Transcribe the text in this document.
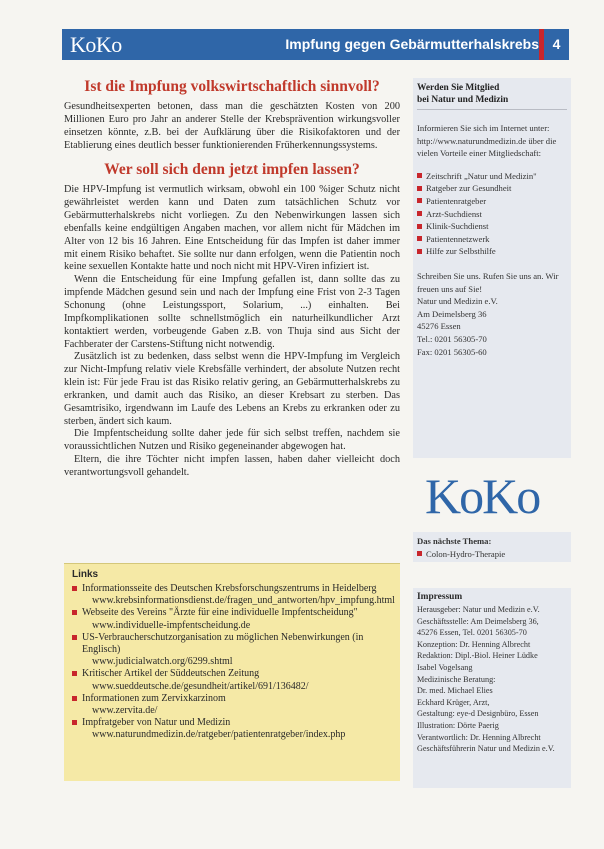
KoKo	Impfung gegen Gebärmutterhalskrebs 4
Ist die Impfung volkswirtschaftlich sinnvoll?

Gesundheitsexperten betonen, dass man die geschätzten Kosten von 200 Millionen Euro pro Jahr an anderer Stelle der Krebsprävention wirkungsvoller einsetzen könnte, z.B. bei der Aufklärung über die Risikofaktoren und der Etablierung eines deutlich besser funktionierenden Früherkennungssystems.

Wer soll sich denn jetzt impfen lassen?

Die HPV-Impfung ist vermutlich wirksam, obwohl ein 100 %iger Schutz nicht gewährleistet werden kann und Daten zum tatsächlichen Schutz vor Gebärmutterhalskrebs nicht vorliegen. Zu den Nebenwirkungen lassen sich ebenfalls keine endgültigen Angaben machen, vor allem nicht für Mädchen im Alter von 12 bis 16 Jahren. Eine Entscheidung für das Impfen ist daher immer mit einem Risiko behaftet. Sie sollte nur dann erfolgen, wenn die Patientin noch keine sexuellen Kontakte hatte und noch nicht mit HPV-Viren infiziert ist.

Wenn die Entscheidung für eine Impfung gefallen ist, dann sollte das zu impfende Mädchen gesund sein und nach der Impfung eine Frist von 2-3 Tagen Schonung (ohne Leistungssport, Solarium, ...) einhalten. Bei Impfkomplikationen sollte schnellstmöglich ein naturheilkundlicher Arzt kontaktiert werden, vorbeugende Gaben z.B. von Thuja sind aus Sicht der Fachberater der Carstens-Stiftung nicht notwendig.

Zusätzlich ist zu bedenken, dass selbst wenn die HPV-Impfung im Vergleich zur Nicht-Impfung relativ viele Krebsfälle verhindert, der absolute Nutzen recht klein ist: Für jede Frau ist das Risiko relativ gering, an Gebärmutterhalskrebs zu erkranken, und damit auch das Risiko, an dieser Krebsart zu sterben. Das Gesamtrisiko, irgendwann im Laufe des Lebens an Krebs zu erkranken oder zu sterben, ändert sich kaum.

Die Impfentscheidung sollte daher jede für sich selbst treffen, nachdem sie voraussichtlichen Nutzen und Risiko gegeneinander abgewogen hat.

Eltern, die ihre Töchter nicht impfen lassen, haben daher vielleicht doch verantwortungsvoll gehandelt.

Links
Informationsseite des Deutschen Krebsforschungszentrums in Heidelberg
www.krebsinformationsdienst.de/fragen_und_antworten/hpv_impfung.html
Webseite des Vereins "Ärzte für eine individuelle Impfentscheidung"
www.individuelle-impfentscheidung.de
US-Verbraucherschutzorganisation zu möglichen Nebenwirkungen (in Englisch)
www.judicialwatch.org/6299.shtml
Kritischer Artikel der Süddeutschen Zeitung
www.sueddeutsche.de/gesundheit/artikel/691/136482/
Informationen zum Zervixkarzinom
www.zervita.de/
Impfratgeber von Natur und Medizin
www.naturundmedizin.de/ratgeber/patientenratgeber/index.php
Werden Sie Mitglied
bei Natur und Medizin

Informieren Sie sich im Internet unter: http://www.naturundmedizin.de über die vielen Vorteile einer Mitgliedschaft:

Zeitschrift „Natur und Medizin"
Ratgeber zur Gesundheit
Patientenratgeber
Arzt-Suchdienst
Klinik-Suchdienst
Patientennetzwerk
Hilfe zur Selbsthilfe

Schreiben Sie uns. Rufen Sie uns an. Wir freuen uns auf Sie!

Natur und Medizin e.V.

Am Deimelsberg 36

45276 Essen

Tel.: 0201 56305-70

Fax: 0201 56305-60

KoKo

Das nächste Thema:

Colon-Hydro-Therapie
Impressum

Herausgeber: Natur und Medizin e.V.

Geschäftsstelle: Am Deimelsberg 36,

45276 Essen, Tel. 0201 56305-70

Konzeption: Dr. Henning Albrecht

Redaktion: Dipl.-Biol. Heiner Lüdke

Isabel Vogelsang

Medizinische Beratung:

Dr. med. Michael Elies

Eckhard Krüger, Arzt,

Gestaltung: eye-d Designbüro, Essen

Illustration: Dörte Paerig

Verantwortlich: Dr. Henning Albrecht

Geschäftsführerin Natur und Medizin e.V.
